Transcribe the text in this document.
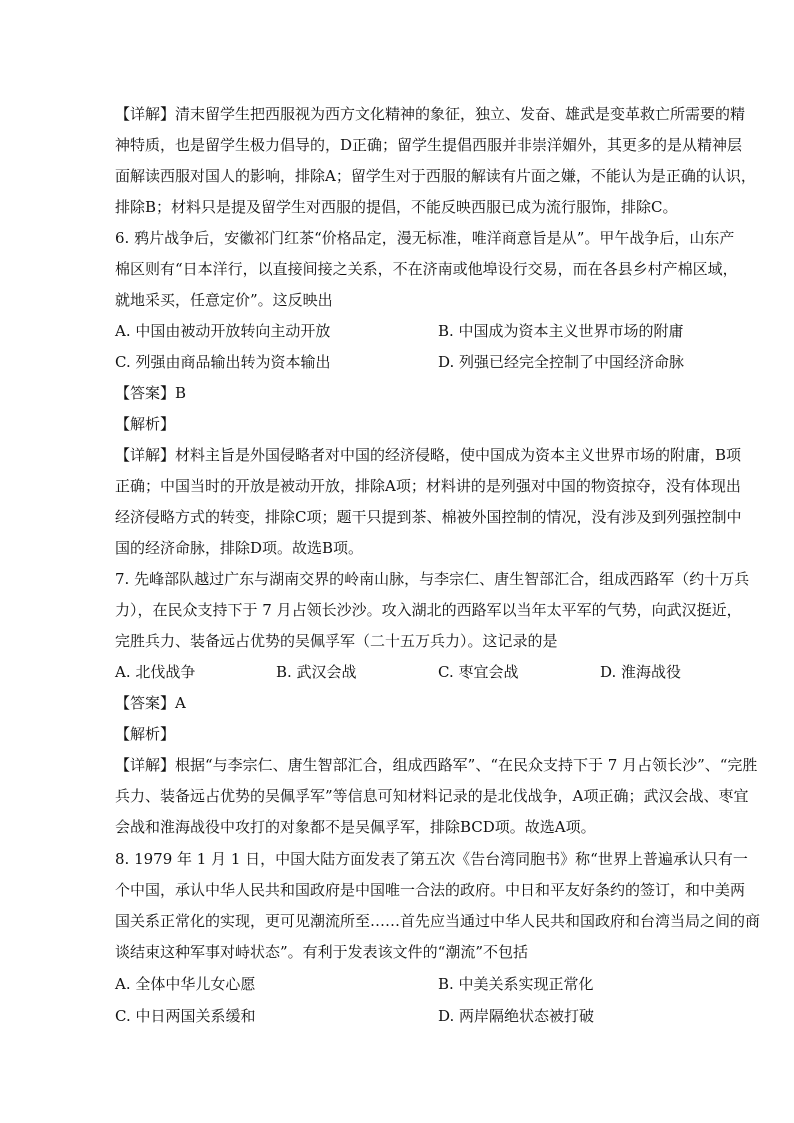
【详解】清末留学生把西服视为西方文化精神的象征，独立、发奋、雄武是变革救亡所需要的精
神特质，也是留学生极力倡导的，D正确；留学生提倡西服并非崇洋媚外，其更多的是从精神层
面解读西服对国人的影响，排除A；留学生对于西服的解读有片面之嫌，不能认为是正确的认识，
排除B；材料只是提及留学生对西服的提倡，不能反映西服已成为流行服饰，排除C。
6. 鸦片战争后，安徽祁门红茶“价格品定，漫无标准，唯洋商意旨是从”。甲午战争后，山东产
棉区则有“日本洋行，以直接间接之关系，不在济南或他埠设行交易，而在各县乡村产棉区域，
就地采买，任意定价”。这反映出
A. 中国由被动开放转向主动开放	B. 中国成为资本主义世界市场的附庸
C. 列强由商品输出转为资本输出	D. 列强已经完全控制了中国经济命脉
【答案】B
【解析】
【详解】材料主旨是外国侵略者对中国的经济侵略，使中国成为资本主义世界市场的附庸，B项
正确；中国当时的开放是被动开放，排除A项；材料讲的是列强对中国的物资掠夺，没有体现出
经济侵略方式的转变，排除C项；题干只提到茶、棉被外国控制的情况，没有涉及到列强控制中
国的经济命脉，排除D项。故选B项。
7. 先峰部队越过广东与湖南交界的岭南山脉，与李宗仁、唐生智部汇合，组成西路军（约十万兵
力），在民众支持下于 7 月占领长沙沙。攻入湖北的西路军以当年太平军的气势，向武汉挺近，
完胜兵力、装备远占优势的吴佩孚军（二十五万兵力）。这记录的是
A. 北伐战争	B. 武汉会战	C. 枣宜会战	D. 淮海战役
【答案】A
【解析】
【详解】根据“与李宗仁、唐生智部汇合，组成西路军”、“在民众支持下于 7 月占领长沙”、“完胜
兵力、装备远占优势的吴佩孚军”等信息可知材料记录的是北伐战争，A项正确；武汉会战、枣宜
会战和淮海战役中攻打的对象都不是吴佩孚军，排除BCD项。故选A项。
8. 1979 年 1 月 1 日，中国大陆方面发表了第五次《告台湾同胞书》称“世界上普遍承认只有一
个中国，承认中华人民共和国政府是中国唯一合法的政府。中日和平友好条约的签订，和中美两
国关系正常化的实现，更可见潮流所至……首先应当通过中华人民共和国政府和台湾当局之间的商
谈结束这种军事对峙状态”。有利于发表该文件的“潮流”不包括
A. 全体中华儿女心愿	B. 中美关系实现正常化
C. 中日两国关系缓和	D. 两岸隔绝状态被打破
